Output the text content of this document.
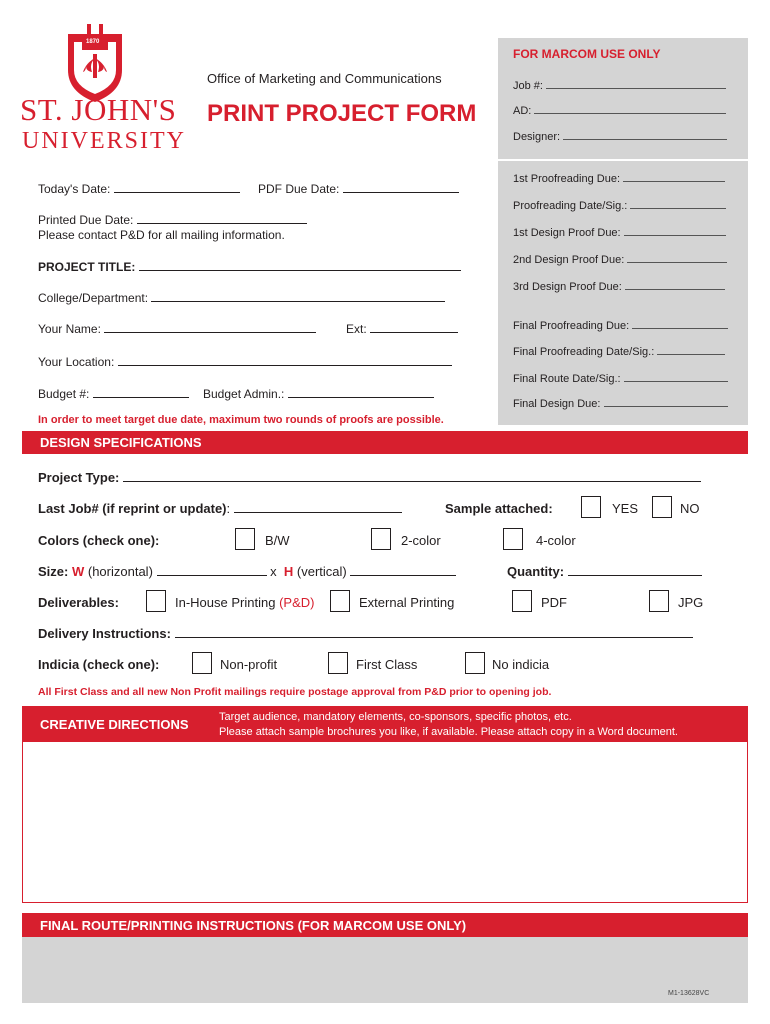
1870
ST. JOHN'S
UNIVERSITY
Office of Marketing and Communications
PRINT PROJECT FORM
FOR MARCOM USE ONLY
Job #:
AD:
Designer:
1st Proofreading Due:
Proofreading Date/Sig.:
1st Design Proof Due:
2nd Design Proof Due:
3rd Design Proof Due:
Final Proofreading Due:
Final Proofreading Date/Sig.:
Final Route Date/Sig.:
Final Design Due:
Today's Date:	PDF Due Date:
Printed Due Date:
Please contact P&D for all mailing information.
PROJECT TITLE:
College/Department:
Your Name:	Ext:
Your Location:
Budget #:	Budget Admin.:
In order to meet target due date, maximum two rounds of proofs are possible.
DESIGN SPECIFICATIONS
Project Type:
Last Job# (if reprint or update):	Sample attached:	YES	NO
Colors (check one):	B/W	2-color	4-color
Size: W (horizontal)	x H (vertical)	Quantity:
Deliverables:	In-House Printing (P&D)	External Printing	PDF	JPG
Delivery Instructions:
Indicia (check one):	Non-profit	First Class	No indicia
All First Class and all new Non Profit mailings require postage approval from P&D prior to opening job.
CREATIVE DIRECTIONS	Target audience, mandatory elements, co-sponsors, specific photos, etc.
Please attach sample brochures you like, if available. Please attach copy in a Word document.
FINAL ROUTE/PRINTING INSTRUCTIONS (FOR MARCOM USE ONLY)
M1-13628VC
